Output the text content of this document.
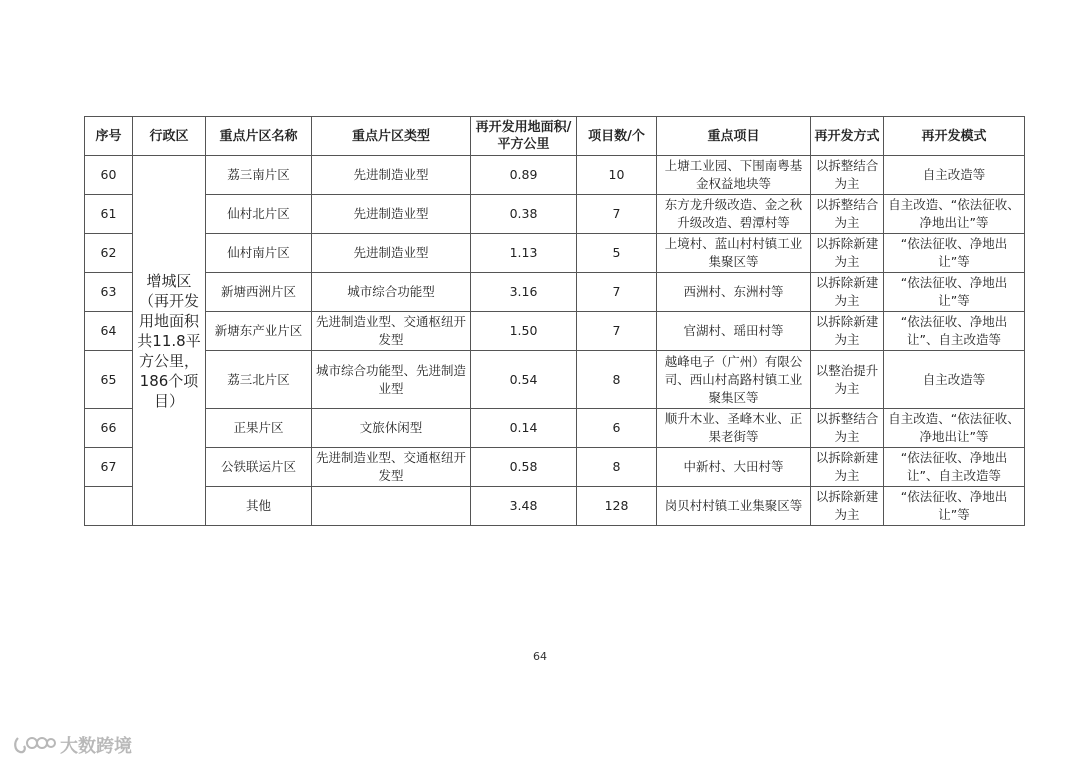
序号	行政区	重点片区名称	重点片区类型	再开发用地面积/平方公里	项目数/个	重点项目	再开发方式	再开发模式
60	增城区（再开发用地面积共11.8平方公里，186个项目）	荔三南片区	先进制造业型	0.89	10	上塘工业园、下围南粤基金权益地块等	以拆整结合为主	自主改造等
61		仙村北片区	先进制造业型	0.38	7	东方龙升级改造、金之秋升级改造、碧潭村等	以拆整结合为主	自主改造、“依法征收、净地出让”等
62		仙村南片区	先进制造业型	1.13	5	上境村、蓝山村村镇工业集聚区等	以拆除新建为主	“依法征收、净地出让”等
63		新塘西洲片区	城市综合功能型	3.16	7	西洲村、东洲村等	以拆除新建为主	“依法征收、净地出让”等
64		新塘东产业片区	先进制造业型、交通枢纽开发型	1.50	7	官湖村、瑶田村等	以拆除新建为主	“依法征收、净地出让”、自主改造等
65		荔三北片区	城市综合功能型、先进制造业型	0.54	8	越峰电子（广州）有限公司、西山村高路村镇工业聚集区等	以整治提升为主	自主改造等
66		正果片区	文旅休闲型	0.14	6	顺升木业、圣峰木业、正果老街等	以拆整结合为主	自主改造、“依法征收、净地出让”等
67		公铁联运片区	先进制造业型、交通枢纽开发型	0.58	8	中新村、大田村等	以拆除新建为主	“依法征收、净地出让”、自主改造等
		其他		3.48	128	岗贝村村镇工业集聚区等	以拆除新建为主	“依法征收、净地出让”等
64
大数跨境
